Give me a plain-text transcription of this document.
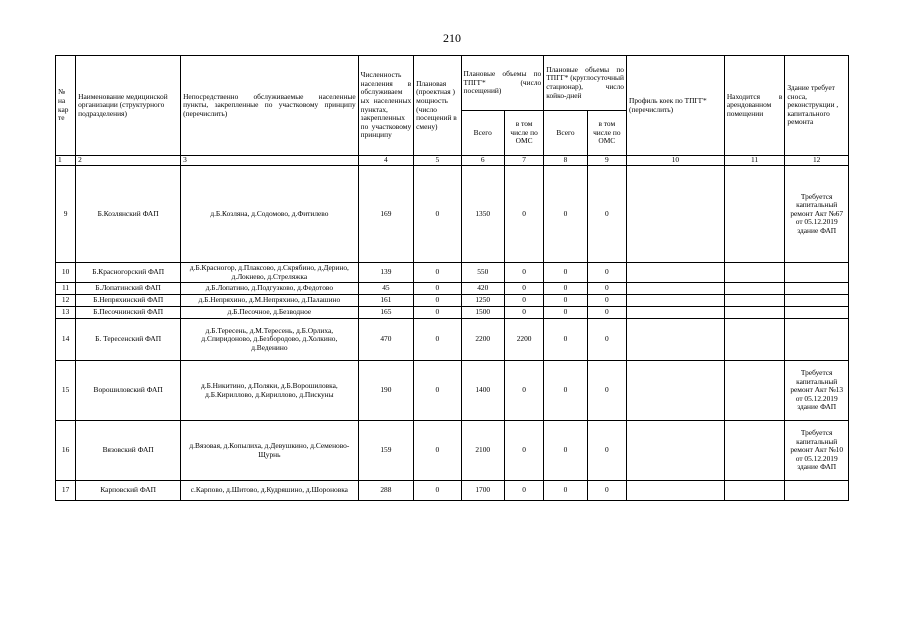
210
№ на кар те	Наименование медицинской организации (структурного подразделения)	Непосредственно обслуживаемые населенные пункты, закрепленные по участковому принципу (перечислить)	Численность населения в обслуживаем ых населенных пунктах, закрепленных по участковому принципу	Плановая (проектная ) мощность (число посещений в смену)	Плановые объемы по ТПГГ* (число посещений)		Плановые объемы по ТПГГ* (круглосуточный стационар), число койко-дней		Профиль коек по ТПГГ* (перечислить)	Находится в арендованном помещении	Здание требует сноса, реконструкции , капитального ремонта
					Всего	в том числе по ОМС	Всего	в том числе по ОМС			
1	2	3	4	5	6	7	8	9	10	11	12
9	Б.Козлянский ФАП	д.Б.Козляна, д.Содомово, д.Фитилево	169	0	1350	0	0	0			Требуется капитальный ремонт Акт №67 от 05.12.2019 здание ФАП
10	Б.Красногорский ФАП	д.Б.Красногор, д.Плаксово, д.Скрябино, д.Дерино, д.Локнево, д.Стреляжка	139	0	550	0	0	0			
11	Б.Лопатинский ФАП	д.Б.Лопатино, д.Подгузково, д.Федотово	45	0	420	0	0	0			
12	Б.Непряхинский ФАП	д.Б.Непряхино, д.М.Непряхино, д.Палашино	161	0	1250	0	0	0			
13	Б.Песочнинский ФАП	д.Б.Песочное, д.Безводное	165	0	1500	0	0	0			
14	Б. Тересенский ФАП	д.Б.Тересень, д.М.Тересень, д.Б.Орлиха, д.Спиридоново, д.Безбородово, д.Холкино, д.Веденино	470	0	2200	2200	0	0			
15	Ворошиловский ФАП	д.Б.Никитино, д.Поляки, д.Б.Ворошиловка, д.Б.Кириллово, д.Кириллово, д.Пискуны	190	0	1400	0	0	0			Требуется капитальный ремонт Акт №13 от 05.12.2019 здание ФАП
16	Вязовский ФАП	д.Вязовая, д.Копылиха, д.Девушкино, д.Семеново-Щурнь	159	0	2100	0	0	0			Требуется капитальный ремонт Акт №10 от 05.12.2019 здание ФАП
17	Карповский ФАП	с.Карпово, д.Шитово, д.Кудряшино, д.Шороновка	288	0	1700	0	0	0			
